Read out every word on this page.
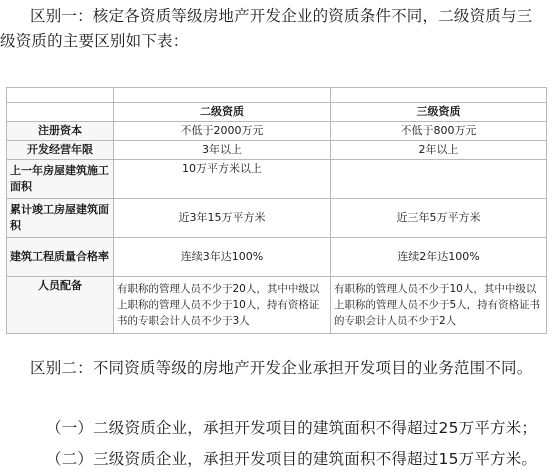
区别一：核定各资质等级房地产开发企业的资质条件不同，二级资质与三级资质的主要区别如下表：

	二级资质	三级资质
注册资本	不低于2000万元	不低于800万元
开发经营年限	3年以上	2年以上
上一年房屋建筑施工面积	10万平方米以上	
累计竣工房屋建筑面积	近3年15万平方米	近三年5万平方米
建筑工程质量合格率	连续3年达100%	连续2年达100%
人员配备	有职称的管理人员不少于20人，其中中级以上职称的管理人员不少于10人，持有资格证书的专职会计人员不少于3人	有职称的管理人员不少于10人，其中中级以上职称的管理人员不少于5人，持有资格证书的专职会计人员不少于2人
区别二：不同资质等级的房地产开发企业承担开发项目的业务范围不同。
（一）二级资质企业，承担开发项目的建筑面积不得超过25万平方米；
（二）三级资质企业，承担开发项目的建筑面积不得超过15万平方米。
